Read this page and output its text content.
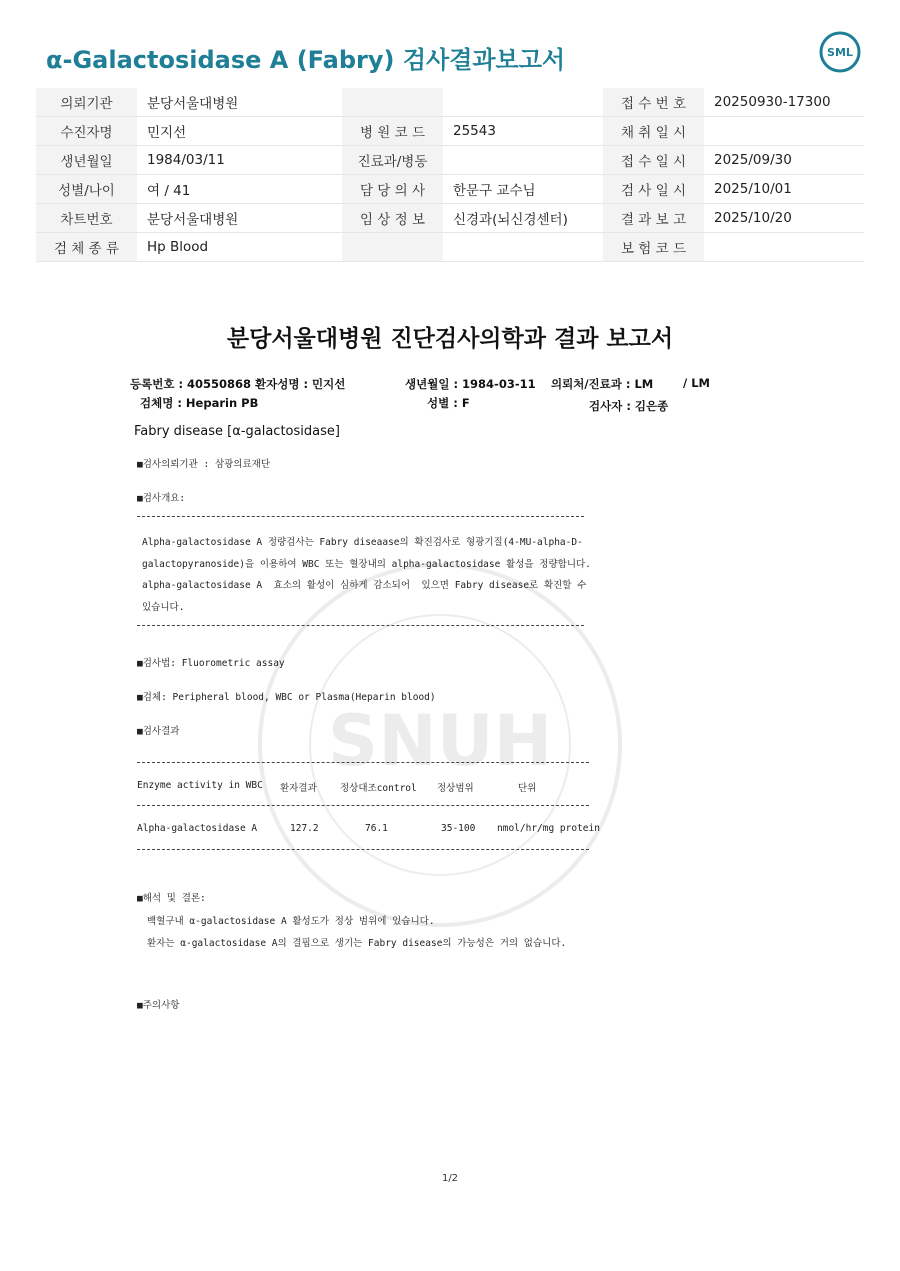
α-Galactosidase A (Fabry) 검사결과보고서	SML
의뢰기관	분당서울대병원			접 수 번 호	20250930-17300
수진자명	민지선	병 원 코 드	25543	채 취 일 시	
생년월일	1984/03/11	진료과/병동		접 수 일 시	2025/09/30
성별/나이	여 / 41	담 당 의 사	한문구 교수님	검 사 일 시	2025/10/01
차트번호	분당서울대병원	임 상 정 보	신경과(뇌신경센터)	결 과 보 고	2025/10/20
검 체 종 류	Hp Blood			보 험 코 드	
분당서울대병원 진단검사의학과 결과 보고서
등록번호 : 40550868 환자성명 : 민지선	생년월일 : 1984-03-11 의뢰처/진료과 : LM	/ LM
검체명 : Heparin PB	성별 : F	검사자 : 김은종
Fabry disease [α-galactosidase]
SNUH
■검사의뢰기관 : 삼광의료재단
■검사개요:
Alpha-galactosidase A 정량검사는 Fabry diseaase의 확진검사로 형광기질(4-MU-alpha-D-
galactopyranoside)을 이용하여 WBC 또는 혈장내의 alpha-galactosidase 활성을 정량합니다.
alpha-galactosidase A  효소의 활성이 심하게 감소되어  있으면 Fabry disease로 확진할 수
있습니다.
■검사법: Fluorometric assay
■검체: Peripheral blood, WBC or Plasma(Heparin blood)
■검사결과
Enzyme activity in WBC 환자결과 정상대조control 정상범위	단위
Alpha-galactosidase A	127.2	76.1	35-100 nmol/hr/mg protein
■해석 및 결론:
백혈구내 α-galactosidase A 활성도가 정상 범위에 있습니다.
환자는 α-galactosidase A의 결핍으로 생기는 Fabry disease의 가능성은 거의 없습니다.
■주의사항
1/2
